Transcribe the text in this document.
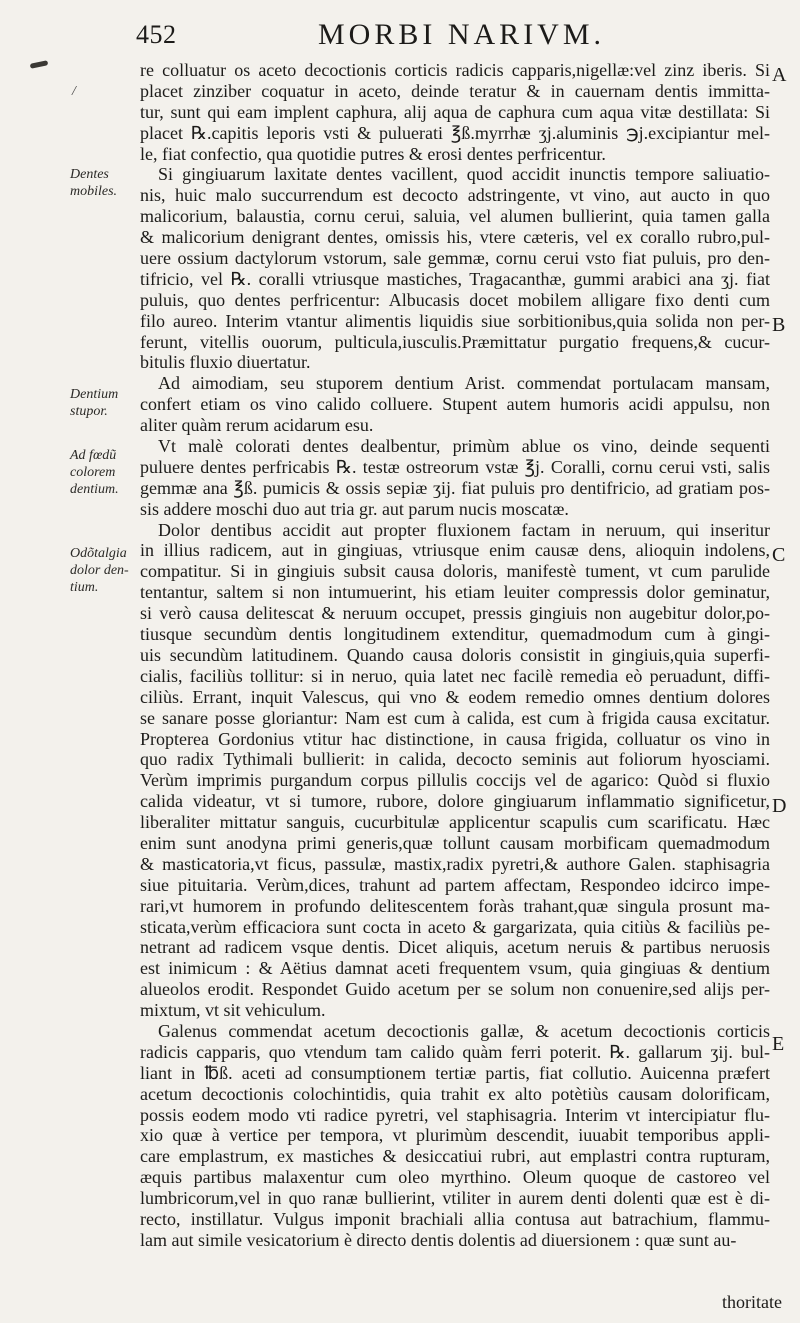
452	MORBI NARIVM.
/
Dentes
mobiles.
Dentium
stupor.
Ad fœdũ
colorem
dentium.
Odõtalgia
dolor den-
tium.
A
B
C
D
E
re colluatur os aceto decoctionis corticis radicis capparis,nigellæ:vel zinz iberis. Si
placet zinziber coquatur in aceto, deinde teratur & in cauernam dentis immitta-
tur, sunt qui eam implent caphura, alij aqua de caphura cum aqua vitæ destillata: Si
placet ℞.capitis leporis vsti & puluerati ℥ß.myrrhæ ʒj.aluminis ℈j.excipiantur mel-
le, fiat confectio, qua quotidie putres & erosi dentes perfricentur.
Si gingiuarum laxitate dentes vacillent, quod accidit inunctis tempore saliuatio-
nis, huic malo succurrendum est decocto adstringente, vt vino, aut aucto in quo
malicorium, balaustia, cornu cerui, saluia, vel alumen bullierint, quia tamen galla
& malicorium denigrant dentes, omissis his, vtere cæteris, vel ex corallo rubro,pul-
uere ossium dactylorum vstorum, sale gemmæ, cornu cerui vsto fiat puluis, pro den-
tifricio, vel ℞. coralli vtriusque mastiches, Tragacanthæ, gummi arabici ana ʒj. fiat
puluis, quo dentes perfricentur: Albucasis docet mobilem alligare fixo denti cum
filo aureo. Interim vtantur alimentis liquidis siue sorbitionibus,quia solida non per-
ferunt, vitellis ouorum, pulticula,iusculis.Præmittatur purgatio frequens,& cucur-
bitulis fluxio diuertatur.
Ad aimodiam, seu stuporem dentium Arist. commendat portulacam mansam,
confert etiam os vino calido colluere. Stupent autem humoris acidi appulsu, non
aliter quàm rerum acidarum esu.
Vt malè colorati dentes dealbentur, primùm ablue os vino, deinde sequenti
puluere dentes perfricabis ℞. testæ ostreorum vstæ ℥j. Coralli, cornu cerui vsti, salis
gemmæ ana ℥ß. pumicis & ossis sepiæ ʒij. fiat puluis pro dentifricio, ad gratiam pos-
sis addere moschi duo aut tria gr. aut parum nucis moscatæ.
Dolor dentibus accidit aut propter fluxionem factam in neruum, qui inseritur
in illius radicem, aut in gingiuas, vtriusque enim causæ dens, alioquin indolens,
compatitur. Si in gingiuis subsit causa doloris, manifestè tument, vt cum parulide
tentantur, saltem si non intumuerint, his etiam leuiter compressis dolor geminatur,
si verò causa delitescat & neruum occupet, pressis gingiuis non augebitur dolor,po-
tiusque secundùm dentis longitudinem extenditur, quemadmodum cum à gingi-
uis secundùm latitudinem. Quando causa doloris consistit in gingiuis,quia superfi-
cialis, faciliùs tollitur: si in neruo, quia latet nec facilè remedia eò peruadunt, diffi-
ciliùs. Errant, inquit Valescus, qui vno & eodem remedio omnes dentium dolores
se sanare posse gloriantur: Nam est cum à calida, est cum à frigida causa excitatur.
Propterea Gordonius vtitur hac distinctione, in causa frigida, colluatur os vino in
quo radix Tythimali bullierit: in calida, decocto seminis aut foliorum hyosciami.
Verùm imprimis purgandum corpus pillulis coccijs vel de agarico: Quòd si fluxio
calida videatur, vt si tumore, rubore, dolore gingiuarum inflammatio significetur,
liberaliter mittatur sanguis, cucurbitulæ applicentur scapulis cum scarificatu. Hæc
enim sunt anodyna primi generis,quæ tollunt causam morbificam quemadmodum
& masticatoria,vt ficus, passulæ, mastix,radix pyretri,& authore Galen. staphisagria
siue pituitaria. Verùm,dices, trahunt ad partem affectam, Respondeo idcirco impe-
rari,vt humorem in profundo delitescentem foràs trahant,quæ singula prosunt ma-
sticata,verùm efficaciora sunt cocta in aceto & gargarizata, quia citiùs & faciliùs pe-
netrant ad radicem vsque dentis. Dicet aliquis, acetum neruis & partibus neruosis
est inimicum : & Aëtius damnat aceti frequentem vsum, quia gingiuas & dentium
alueolos erodit. Respondet Guido acetum per se solum non conuenire,sed alijs per-
mixtum, vt sit vehiculum.
Galenus commendat acetum decoctionis gallæ, & acetum decoctionis corticis
radicis capparis, quo vtendum tam calido quàm ferri poterit. ℞. gallarum ʒij. bul-
liant in ℔ß. aceti ad consumptionem tertiæ partis, fiat collutio. Auicenna præfert
acetum decoctionis colochintidis, quia trahit ex alto potètiùs causam dolorificam,
possis eodem modo vti radice pyretri, vel staphisagria. Interim vt intercipiatur flu-
xio quæ à vertice per tempora, vt plurimùm descendit, iuuabit temporibus appli-
care emplastrum, ex mastiches & desiccatiui rubri, aut emplastri contra rupturam,
æquis partibus malaxentur cum oleo myrthino. Oleum quoque de castoreo vel
lumbricorum,vel in quo ranæ bullierint, vtiliter in aurem denti dolenti quæ est è di-
recto, instillatur. Vulgus imponit brachiali allia contusa aut batrachium, flammu-
lam aut simile vesicatorium è directo dentis dolentis ad diuersionem : quæ sunt au-
thoritate
